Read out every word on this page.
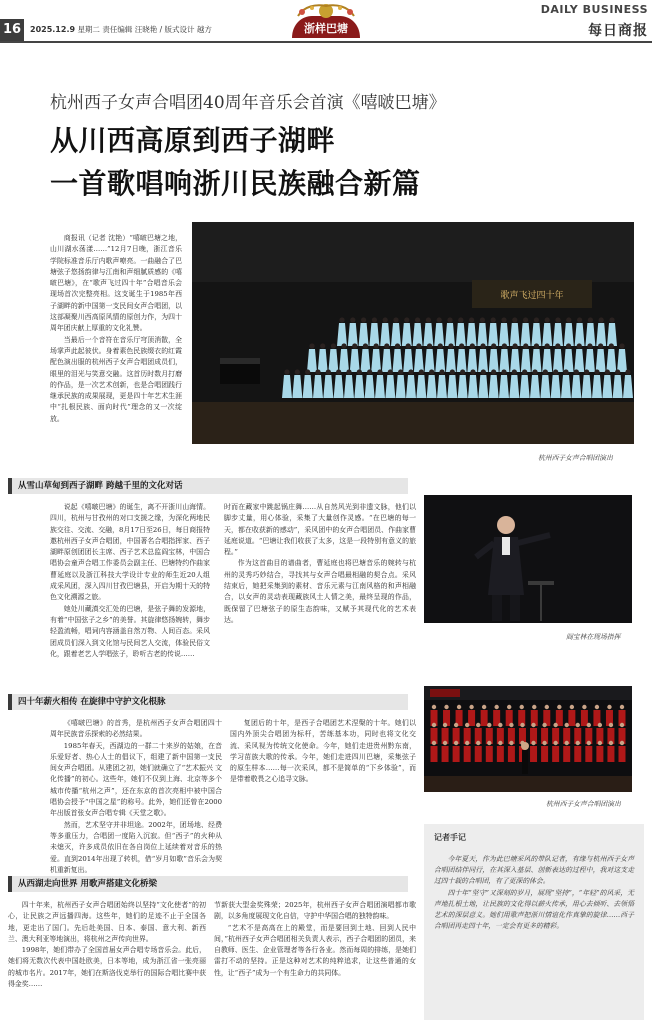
16	2025.12.9 星期二 责任编辑 汪晓艳 / 版式设计 越方	浙样巴塘
DAILY BUSINESS
每日商报
杭州西子女声合唱团40周年音乐会首演《嘻啵巴塘》
从川西高原到西子湖畔
一首歌唱响浙川民族融合新篇

商报讯（记者 沈艳）“嘻啵巴塘之地，山川湖水荡漾……”12月7日晚，浙江音乐学院标准音乐厅内歌声嘹亮。一曲融合了巴塘弦子悠扬韵律与江南和声细腻质感的《嘻啵巴塘》，在“歌声飞过四十年”合唱音乐会现场首次完整亮相。这支诞生于1985年西子湖畔的新中国第一支民间女声合唱团，以这部凝聚川西高原风情的原创力作，为四十周年团庆献上厚重的文化礼赞。

当最后一个音符在音乐厅穹顶消散，全场掌声此起彼伏。身着素色民族缀衣的红霞配色演出服的杭州西子女声合唱团成员们，眼里的泪光与笑意交融。这首历时数月打磨的作品，是一次艺术创新，也是合唱团践行继承民族的成果展现，更是四十年艺术生涯中“扎根民族、面向时代”理念的又一次绽放。

歌声飞过四十年
杭州西子女声合唱团演出
从雪山草甸到西子湖畔 跨越千里的文化对话

说起《嘻啵巴塘》的诞生，离不开浙川山海情。四川，杭州与甘孜州的对口支援之缘，为深化两地民族交往、交流、交融，8月17日至26日，每日商报特邀杭州西子女声合唱团，中国著名合唱指挥家、西子湖畔原创团团长主席、西子艺术总监阎宝林，中国合唱协会童声合唱工作委员会副主任、巴塘特约作曲家曹延庭以及浙江科技大学设计专业的师生近20人组成采风团，深入四川甘孜巴塘县，开启为期十天的特色文化溯源之旅。

她处川藏滇交汇处的巴塘，是弦子舞的发源地，有着“中国弦子之乡”的美誉。其旋律悠扬婉转，舞步轻盈流畅，唱词内容涵盖自然万物、人间百态。采风团成员们深入到文化馆与民间艺人交流，体验民俗文化，跟着老艺人学唱弦子，聆听古老的传说……

时而在藏家中跳起锅庄舞……从自然风光到非遗文脉，他们以脚步丈量，用心体验，采集了大量创作灵感。“在巴塘的每一天，都在收获新的感动”，采风团中的女声合唱团员、作曲家曹延庭说道。“巴塘让我们收获了太多，这是一段特别有意义的旅程。”

作为这首曲目的谱曲者，曹延庭也将巴塘音乐的婉转与杭州的灵秀巧妙结合，寻找其与女声合唱最相融的契合点。采风结束后，她把采集到的素材、音乐元素与江南风格的和声相融合，以女声的灵动表现藏族风土人情之美，最终呈现的作品，既保留了巴塘弦子的原生态韵味，又赋予其现代化的艺术表达。

阎宝林在现场指挥
四十年薪火相传 在旋律中守护文化根脉

《嘻啵巴塘》的首秀，是杭州西子女声合唱团四十周年民族音乐探索的必然结果。

1985年春天，西湖边的一群二十来岁的姑娘，在音乐爱好者、热心人士的倡议下，组建了新中国第一支民间女声合唱团。从建团之初，她们就确立了“艺术振兴 文化传播”的初心。这些年，她们不仅到上海、北京等多个城市传播“杭州之声”，还在东京的首次亮相中被中国合唱协会授予“中国之星”的称号。此外，她们还曾在2000年出版首张女声合唱专辑《天堂之歌》。

然而，艺术坚守并非坦途。2002年，团场地、经费等多重压力，合唱团一度陷入沉寂。但“西子”的火种从未熄灭，许多成员依旧在各自岗位上延续着对音乐的热爱。直到2014年出现了转机，借“岁月如歌”音乐会为契机重新复出。

复团后的十年，是西子合唱团艺术涅槃的十年。她们以国内外顶尖合唱团为标杆，苦练基本功，同时也将文化交流、采风视为传统文化使命。今年，她们走进贵州黔东南，学习苗族大歌的传承。今年，她们走进四川巴塘，采集弦子的原生样本……每一次采风，都不是简单的“下乡体验”，而是带着敬畏之心追寻文脉。

杭州西子女声合唱团演出
从西湖走向世界 用歌声搭建文化桥梁

四十年来，杭州西子女声合唱团始终以坚持“文化使者”的初心，让民族之声远播四海。这些年，她们的足迹不止于全国各地，更走出了国门。先后赴美国、日本、泰国、意大利、新西兰、澳大利亚等地演出，将杭州之声传向世界。

1998年，她们带办了全国首届女声合唱专场音乐会。此后，她们将无数次代表中国赴欧美，日本等地，成为浙江省一张亮丽的城市名片。2017年，她们在斯洛伐克举行的国际合唱比赛中获得金奖……

节新获大型金奖殊荣；2025年，杭州西子女声合唱团演唱都市歌剧，以多角度展现文化自信，守护中华国合唱的独特韵味。

“艺术不是高高在上的殿堂，而是要回到土地、回到人民中间，”杭州西子女声合唱团相关负责人表示，西子合唱团的团员，来自教师、医生、企业管理者等各行各业。然而每周的排练，是她们雷打不动的坚持。正是这种对艺术的纯粹追求，让这些普通的女性，让“西子”成为一个有生命力的共同体。

记者手记

今年夏天，作为此巴塘采风的带队记者，有缘与杭州西子女声合唱团结伴同行，在其深入基层、创新表达的过程中，我对这支走过四十载的合唱团，有了更深的体会。

四十年“坚守”又深刻的岁月，展现“坚持”，“年轻”的风采，无声地扎根土地，让民族的文化得以薪火传承，用心去倾听、去领悟艺术的深层意义。她们用歌声把浙川情谊化作真挚的旋律……西子合唱团再走四十年，一定会有更多的精彩。
